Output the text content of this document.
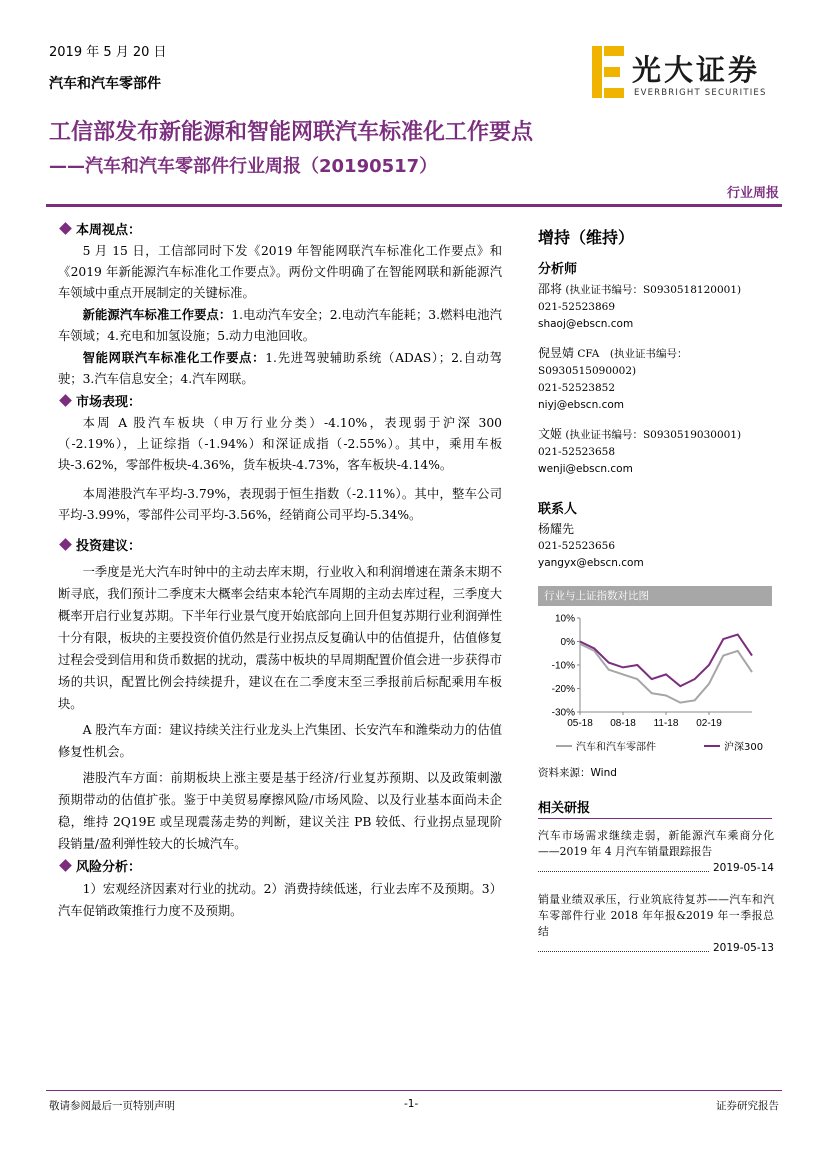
2019 年 5 月 20 日
汽车和汽车零部件	光大证券
EVERBRIGHT SECURITIES
工信部发布新能源和智能网联汽车标准化工作要点
——汽车和汽车零部件行业周报（20190517）
行业周报
本周视点：

5 月 15 日，工信部同时下发《2019 年智能网联汽车标准化工作要点》和《2019 年新能源汽车标准化工作要点》。两份文件明确了在智能网联和新能源汽车领域中重点开展制定的关键标准。

新能源汽车标准工作要点：1.电动汽车安全；2.电动汽车能耗；3.燃料电池汽车领域；4.充电和加氢设施；5.动力电池回收。

智能网联汽车标准化工作要点：1.先进驾驶辅助系统（ADAS）；2.自动驾驶；3.汽车信息安全；4.汽车网联。

市场表现：

本周 A 股汽车板块（申万行业分类）-4.10%，表现弱于沪深 300（-2.19%），上证综指（-1.94%）和深证成指（-2.55%）。其中，乘用车板块-3.62%，零部件板块-4.36%，货车板块-4.73%，客车板块-4.14%。

本周港股汽车平均-3.79%，表现弱于恒生指数（-2.11%）。其中，整车公司平均-3.99%，零部件公司平均-3.56%，经销商公司平均-5.34%。

投资建议：

一季度是光大汽车时钟中的主动去库末期，行业收入和利润增速在萧条末期不断寻底，我们预计二季度末大概率会结束本轮汽车周期的主动去库过程，三季度大概率开启行业复苏期。下半年行业景气度开始底部向上回升但复苏期行业利润弹性十分有限，板块的主要投资价值仍然是行业拐点反复确认中的估值提升，估值修复过程会受到信用和货币数据的扰动，震荡中板块的早周期配置价值会进一步获得市场的共识，配置比例会持续提升，建议在在二季度末至三季报前后标配乘用车板块。

A 股汽车方面：建议持续关注行业龙头上汽集团、长安汽车和潍柴动力的估值修复性机会。

港股汽车方面：前期板块上涨主要是基于经济/行业复苏预期、以及政策刺激预期带动的估值扩张。鉴于中美贸易摩擦风险/市场风险、以及行业基本面尚未企稳，维持 2Q19E 或呈现震荡走势的判断，建议关注 PB 较低、行业拐点显现阶段销量/盈利弹性较大的长城汽车。

风险分析：

1）宏观经济因素对行业的扰动。2）消费持续低迷，行业去库不及预期。3）汽车促销政策推行力度不及预期。

增持（维持）
分析师
邵将 (执业证书编号：S0930518120001)
021-52523869
shaoj@ebscn.com
倪昱婧 CFA　(执业证书编号：S0930515090002)
021-52523852
niyj@ebscn.com
文姬 (执业证书编号：S0930519030001)
021-52523658
wenji@ebscn.com
联系人
杨耀先
021-52523656
yangyx@ebscn.com
行业与上证指数对比图
10%
0%
-10%
-20%
-30%
05-18 08-18 11-18 02-19
汽车和汽车零部件	沪深300
资料来源：Wind
相关研报
汽车市场需求继续走弱，新能源汽车乘商分化——2019 年 4 月汽车销量跟踪报告
2019-05-14
销量业绩双承压，行业筑底待复苏——汽车和汽车零部件行业 2018 年年报&2019 年一季报总结
2019-05-13
敬请参阅最后一页特别声明	-1-	证券研究报告
